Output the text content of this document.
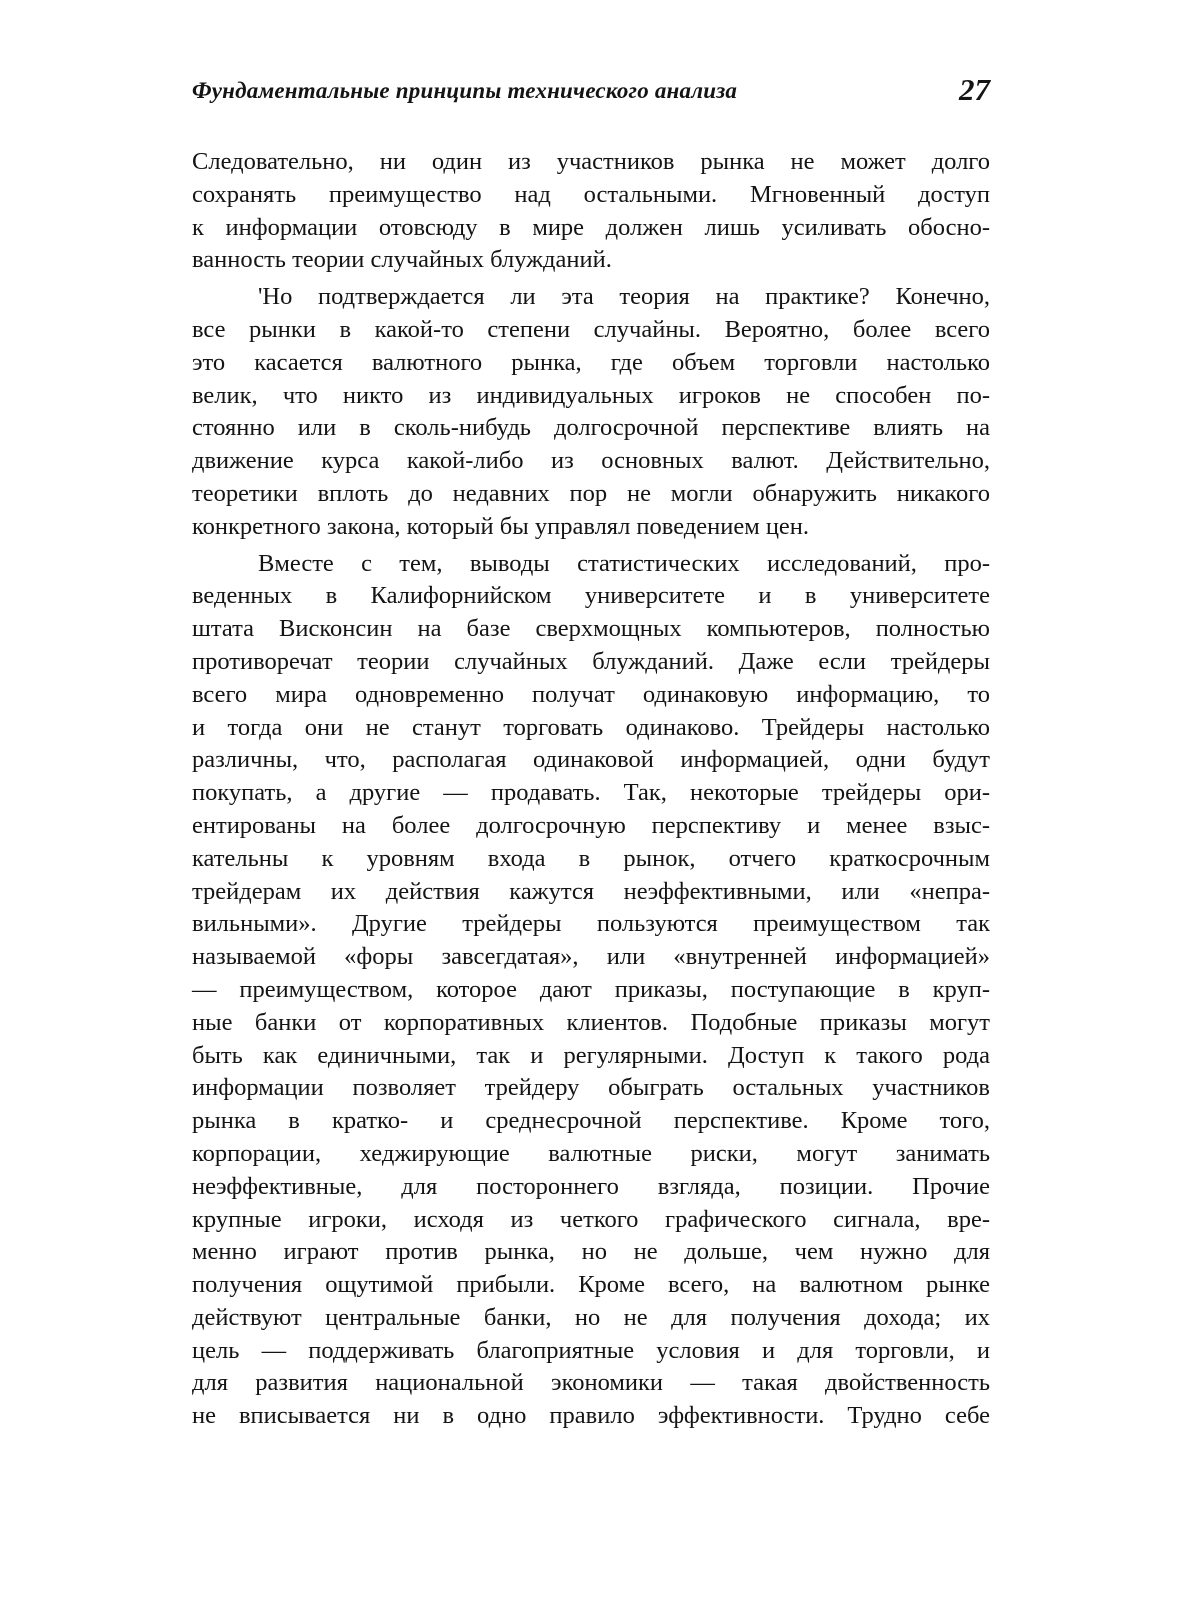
Фундаментальные принципы технического анализа	27
Следовательно, ни один из участников рынка не может долго
сохранять преимущество над остальными. Мгновенный доступ
к информации отовсюду в мире должен лишь усиливать обосно-
ванность теории случайных блужданий.
'Но подтверждается ли эта теория на практике? Конечно,
все рынки в какой-то степени случайны. Вероятно, более всего
это касается валютного рынка, где объем торговли настолько
велик, что никто из индивидуальных игроков не способен по-
стоянно или в сколь-нибудь долгосрочной перспективе влиять на
движение курса какой-либо из основных валют. Действительно,
теоретики вплоть до недавних пор не могли обнаружить никакого
конкретного закона, который бы управлял поведением цен.
Вместе с тем, выводы статистических исследований, про-
веденных в Калифорнийском университете и в университете
штата Висконсин на базе сверхмощных компьютеров, полностью
противоречат теории случайных блужданий. Даже если трейдеры
всего мира одновременно получат одинаковую информацию, то
и тогда они не станут торговать одинаково. Трейдеры настолько
различны, что, располагая одинаковой информацией, одни будут
покупать, а другие — продавать. Так, некоторые трейдеры ори-
ентированы на более долгосрочную перспективу и менее взыс-
кательны к уровням входа в рынок, отчего краткосрочным
трейдерам их действия кажутся неэффективными, или «непра-
вильными». Другие трейдеры пользуются преимуществом так
называемой «форы завсегдатая», или «внутренней информацией»
— преимуществом, которое дают приказы, поступающие в круп-
ные банки от корпоративных клиентов. Подобные приказы могут
быть как единичными, так и регулярными. Доступ к такого рода
информации позволяет трейдеру обыграть остальных участников
рынка в кратко- и среднесрочной перспективе. Кроме того,
корпорации, хеджирующие валютные риски, могут занимать
неэффективные, для постороннего взгляда, позиции. Прочие
крупные игроки, исходя из четкого графического сигнала, вре-
менно играют против рынка, но не дольше, чем нужно для
получения ощутимой прибыли. Кроме всего, на валютном рынке
действуют центральные банки, но не для получения дохода; их
цель — поддерживать благоприятные условия и для торговли, и
для развития национальной экономики — такая двойственность
не вписывается ни в одно правило эффективности. Трудно себе
